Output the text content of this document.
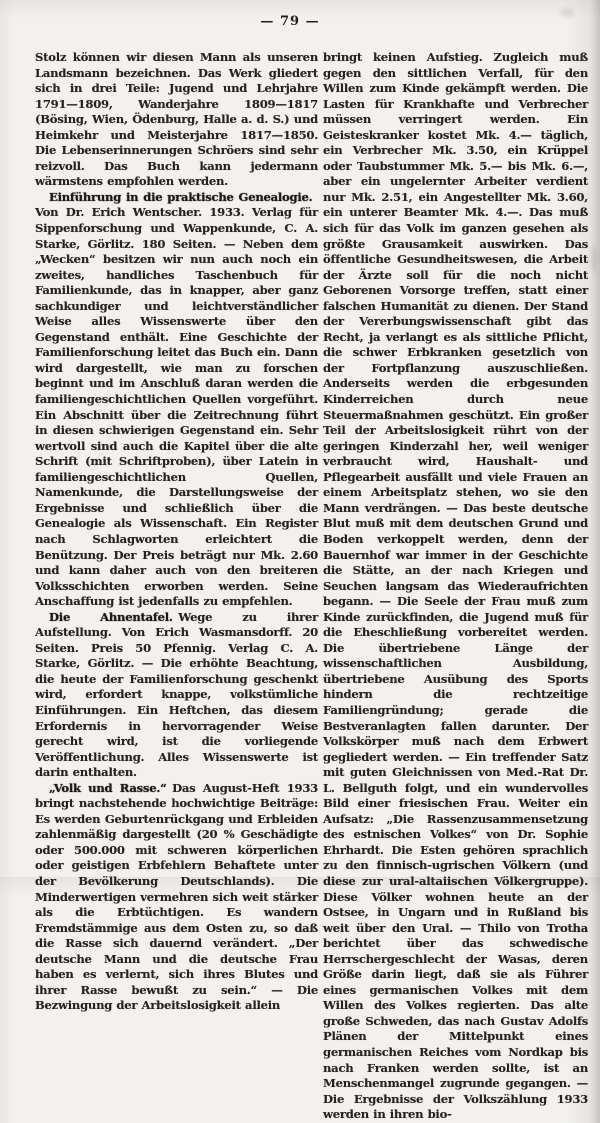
— 79 —

Stolz können wir diesen Mann als unseren Landsmann bezeichnen. Das Werk gliedert sich in drei Teile: Jugend und Lehrjahre 1791—1809, Wanderjahre 1809—1817 (Bösing, Wien, Ödenburg, Halle a. d. S.) und Heimkehr und Meisterjahre 1817—1850. Die Lebenserinnerungen Schröers sind sehr reizvoll. Das Buch kann jedermann wärmstens empfohlen werden.

Einführung in die praktische Genealogie. Von Dr. Erich Wentscher. 1933. Verlag für Sippenforschung und Wappenkunde, C. A. Starke, Görlitz. 180 Seiten. — Neben dem „Wecken“ besitzen wir nun auch noch ein zweites, handliches Taschenbuch für Familienkunde, das in knapper, aber ganz sachkundiger und leichtverständlicher Weise alles Wissenswerte über den Gegenstand enthält. Eine Geschichte der Familienforschung leitet das Buch ein. Dann wird dargestellt, wie man zu forschen beginnt und im Anschluß daran werden die familiengeschichtlichen Quellen vorgeführt. Ein Abschnitt über die Zeitrechnung führt in diesen schwierigen Gegenstand ein. Sehr wertvoll sind auch die Kapitel über die alte Schrift (mit Schriftproben), über Latein in familiengeschichtlichen Quellen, Namenkunde, die Darstellungsweise der Ergebnisse und schließlich über die Genealogie als Wissenschaft. Ein Register nach Schlagworten erleichtert die Benützung. Der Preis beträgt nur Mk. 2.60 und kann daher auch von den breiteren Volksschichten erworben werden. Seine Anschaffung ist jedenfalls zu empfehlen.

Die Ahnentafel. Wege zu ihrer Aufstellung. Von Erich Wasmansdorff. 20 Seiten. Preis 50 Pfennig. Verlag C. A. Starke, Görlitz. — Die erhöhte Beachtung, die heute der Familienforschung geschenkt wird, erfordert knappe, volkstümliche Einführungen. Ein Heftchen, das diesem Erfordernis in hervorragender Weise gerecht wird, ist die vorliegende Veröffentlichung. Alles Wissenswerte ist darin enthalten.

„Volk und Rasse.“ Das August-Heft 1933 bringt nachstehende hochwichtige Beiträge: Es werden Geburtenrückgang und Erbleiden zahlenmäßig dargestellt (20 % Geschädigte oder 500.000 mit schweren körperlichen oder geistigen Erbfehlern Behaftete unter der Bevölkerung Deutschlands). Die Minderwertigen vermehren sich weit stärker als die Erbtüchtigen. Es wandern Fremdstämmige aus dem Osten zu, so daß die Rasse sich dauernd verändert. „Der deutsche Mann und die deutsche Frau haben es verlernt, sich ihres Blutes und ihrer Rasse bewußt zu sein.“ — Die Bezwingung der Arbeitslosigkeit allein

bringt keinen Aufstieg. Zugleich muß gegen den sittlichen Verfall, für den Willen zum Kinde gekämpft werden. Die Lasten für Krankhafte und Verbrecher müssen verringert werden. Ein Geisteskranker kostet Mk. 4.— täglich, ein Verbrecher Mk. 3.50, ein Krüppel oder Taubstummer Mk. 5.— bis Mk. 6.—, aber ein ungelernter Arbeiter verdient nur Mk. 2.51, ein Angestellter Mk. 3.60, ein unterer Beamter Mk. 4.—. Das muß sich für das Volk im ganzen gesehen als größte Grausamkeit auswirken. Das öffentliche Gesundheitswesen, die Arbeit der Ärzte soll für die noch nicht Geborenen Vorsorge treffen, statt einer falschen Humanität zu dienen. Der Stand der Vererbungswissenschaft gibt das Recht, ja verlangt es als sittliche Pflicht, die schwer Erbkranken gesetzlich von der Fortpflanzung auszuschließen. Anderseits werden die erbgesunden Kinderreichen durch neue Steuermaßnahmen geschützt. Ein großer Teil der Arbeitslosigkeit rührt von der geringen Kinderzahl her, weil weniger verbraucht wird, Haushalt- und Pflegearbeit ausfällt und viele Frauen an einem Arbeitsplatz stehen, wo sie den Mann verdrängen. — Das beste deutsche Blut muß mit dem deutschen Grund und Boden verkoppelt werden, denn der Bauernhof war immer in der Geschichte die Stätte, an der nach Kriegen und Seuchen langsam das Wiederaufrichten begann. — Die Seele der Frau muß zum Kinde zurückfinden, die Jugend muß für die Eheschließung vorbereitet werden. Die übertriebene Länge der wissenschaftlichen Ausbildung, übertriebene Ausübung des Sports hindern die rechtzeitige Familiengründung; gerade die Bestveranlagten fallen darunter. Der Volkskörper muß nach dem Erbwert gegliedert werden. — Ein treffender Satz mit guten Gleichnissen von Med.-Rat Dr. L. Bellguth folgt, und ein wundervolles Bild einer friesischen Frau. Weiter ein Aufsatz: „Die Rassenzusammensetzung des estnischen Volkes“ von Dr. Sophie Ehrhardt. Die Esten gehören sprachlich zu den finnisch-ugrischen Völkern (und diese zur ural-altaiischen Völkergruppe). Diese Völker wohnen heute an der Ostsee, in Ungarn und in Rußland bis weit über den Ural. — Thilo von Trotha berichtet über das schwedische Herrschergeschlecht der Wasas, deren Größe darin liegt, daß sie als Führer eines germanischen Volkes mit dem Willen des Volkes regierten. Das alte große Schweden, das nach Gustav Adolfs Plänen der Mittelpunkt eines germanischen Reiches vom Nordkap bis nach Franken werden sollte, ist an Menschenmangel zugrunde gegangen. — Die Ergebnisse der Volkszählung 1933 werden in ihren bio-
